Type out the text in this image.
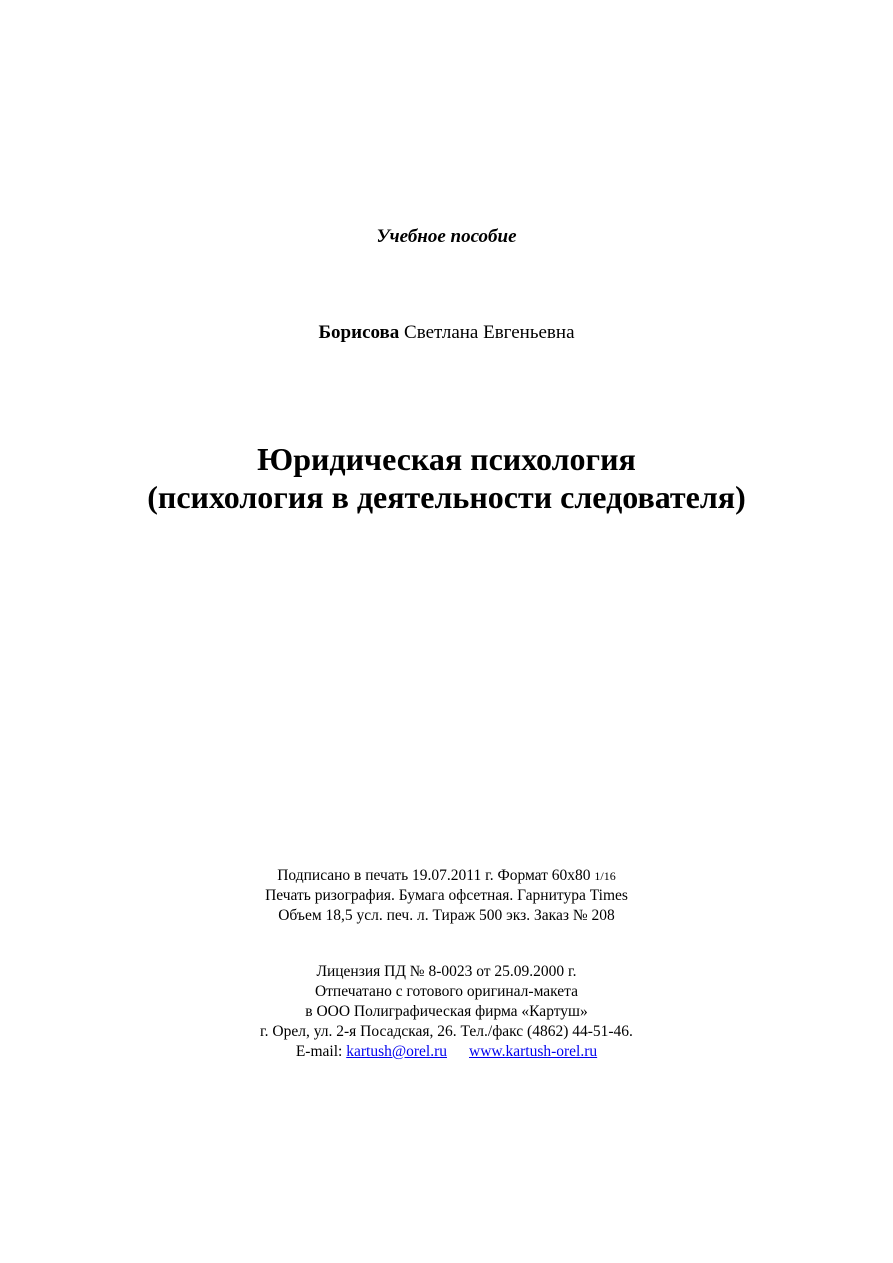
Учебное пособие
Борисова Светлана Евгеньевна
Юридическая психология
(психология в деятельности следователя)
Подписано в печать 19.07.2011 г. Формат 60х80 1/16
Печать ризография. Бумага офсетная. Гарнитура Times
Объем 18,5 усл. печ. л. Тираж 500 экз. Заказ № 208
Лицензия ПД № 8-0023 от 25.09.2000 г.
Отпечатано с готового оригинал-макета
в ООО Полиграфическая фирма «Картуш»
г. Орел, ул. 2-я Посадская, 26. Тел./факс (4862) 44-51-46.
E-mail: kartush@orel.ru www.kartush-orel.ru
